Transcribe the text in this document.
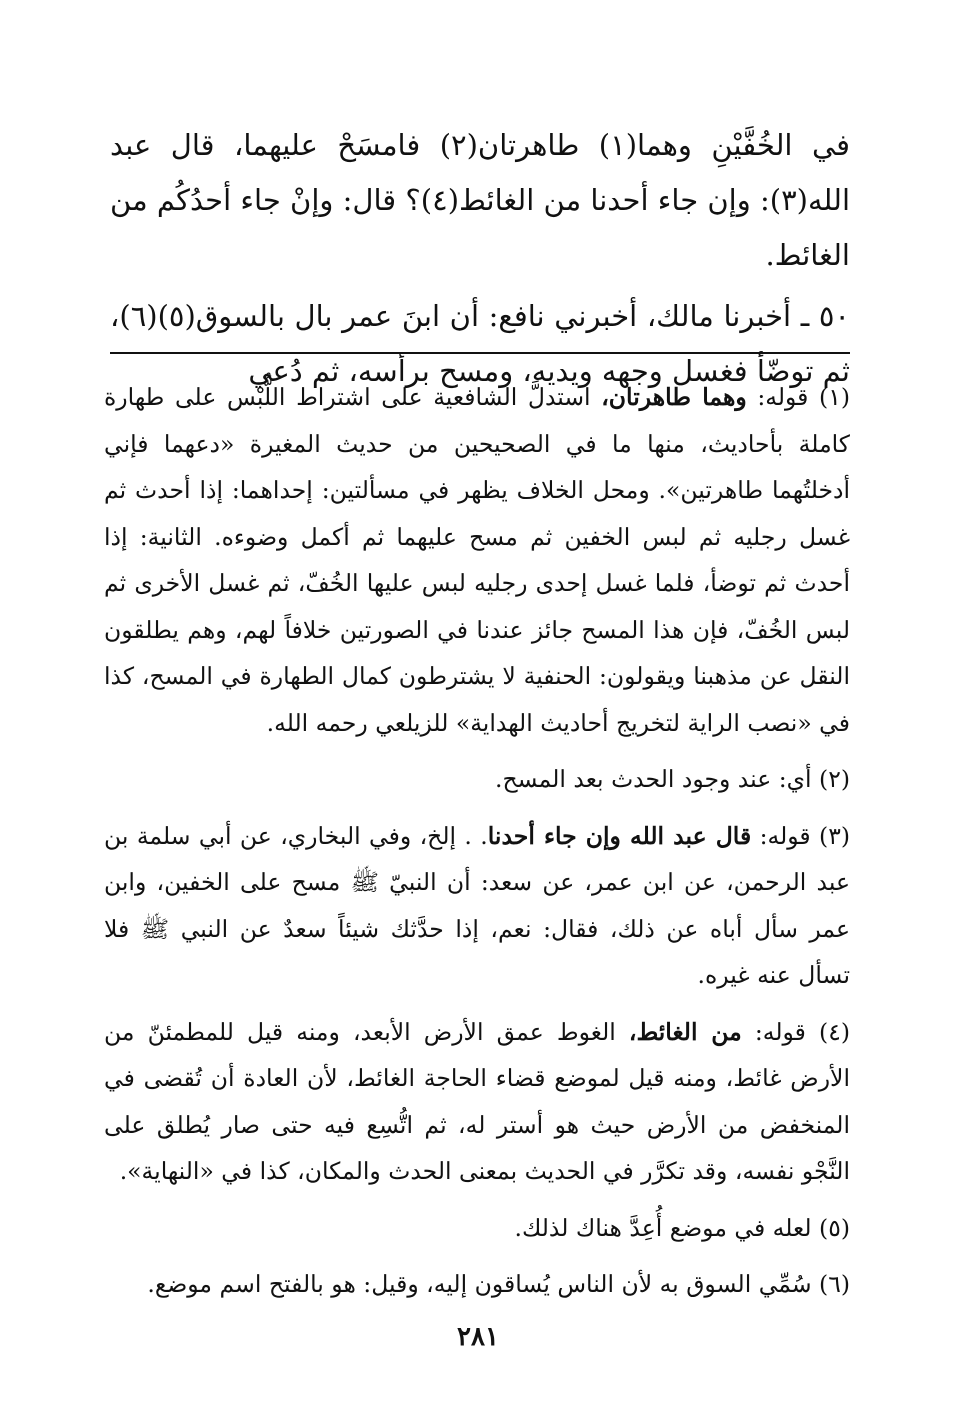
في الخُفَّيْنِ وهما(١) طاهرتان(٢) فامسَحْ عليهما، قال عبد الله(٣): وإن جاء أحدنا من الغائط(٤)؟ قال: وإنْ جاء أحدُكُم من الغائط.

٥٠ ـ أخبرنا مالك، أخبرني نافع: أن ابنَ عمر بال بالسوق(٥)(٦)، ثم توضّأ فغسل وجهه ويديه، ومسح برأسه، ثم دُعي

(١) قوله: وهما طاهرتان، استدلَّ الشافعية على اشتراط اللُّبْس على طهارة كاملة بأحاديث، منها ما في الصحيحين من حديث المغيرة «دعهما فإني أدخلتُهما طاهرتين». ومحل الخلاف يظهر في مسألتين: إحداهما: إذا أحدث ثم غسل رجليه ثم لبس الخفين ثم مسح عليهما ثم أكمل وضوءه. الثانية: إذا أحدث ثم توضأ، فلما غسل إحدى رجليه لبس عليها الخُفّ، ثم غسل الأخرى ثم لبس الخُفّ، فإن هذا المسح جائز عندنا في الصورتين خلافاً لهم، وهم يطلقون النقل عن مذهبنا ويقولون: الحنفية لا يشترطون كمال الطهارة في المسح، كذا في «نصب الراية لتخريج أحاديث الهداية» للزيلعي رحمه الله.

(٢) أي: عند وجود الحدث بعد المسح.

(٣) قوله: قال عبد الله وإن جاء أحدنا. . إلخ، وفي البخاري، عن أبي سلمة بن عبد الرحمن، عن ابن عمر، عن سعد: أن النبيّ ﷺ مسح على الخفين، وابن عمر سأل أباه عن ذلك، فقال: نعم، إذا حدَّثك شيئاً سعدٌ عن النبي ﷺ فلا تسأل عنه غيره.

(٤) قوله: من الغائط، الغوط عمق الأرض الأبعد، ومنه قيل للمطمئنّ من الأرض غائط، ومنه قيل لموضع قضاء الحاجة الغائط، لأن العادة أن تُقضى في المنخفض من الأرض حيث هو أستر له، ثم اتُّسِع فيه حتى صار يُطلق على النَّجْو نفسه، وقد تكرَّر في الحديث بمعنى الحدث والمكان، كذا في «النهاية».

(٥) لعله في موضع أُعِدَّ هناك لذلك.

(٦) سُمِّي السوق به لأن الناس يُساقون إليه، وقيل: هو بالفتح اسم موضع.

٢٨١
